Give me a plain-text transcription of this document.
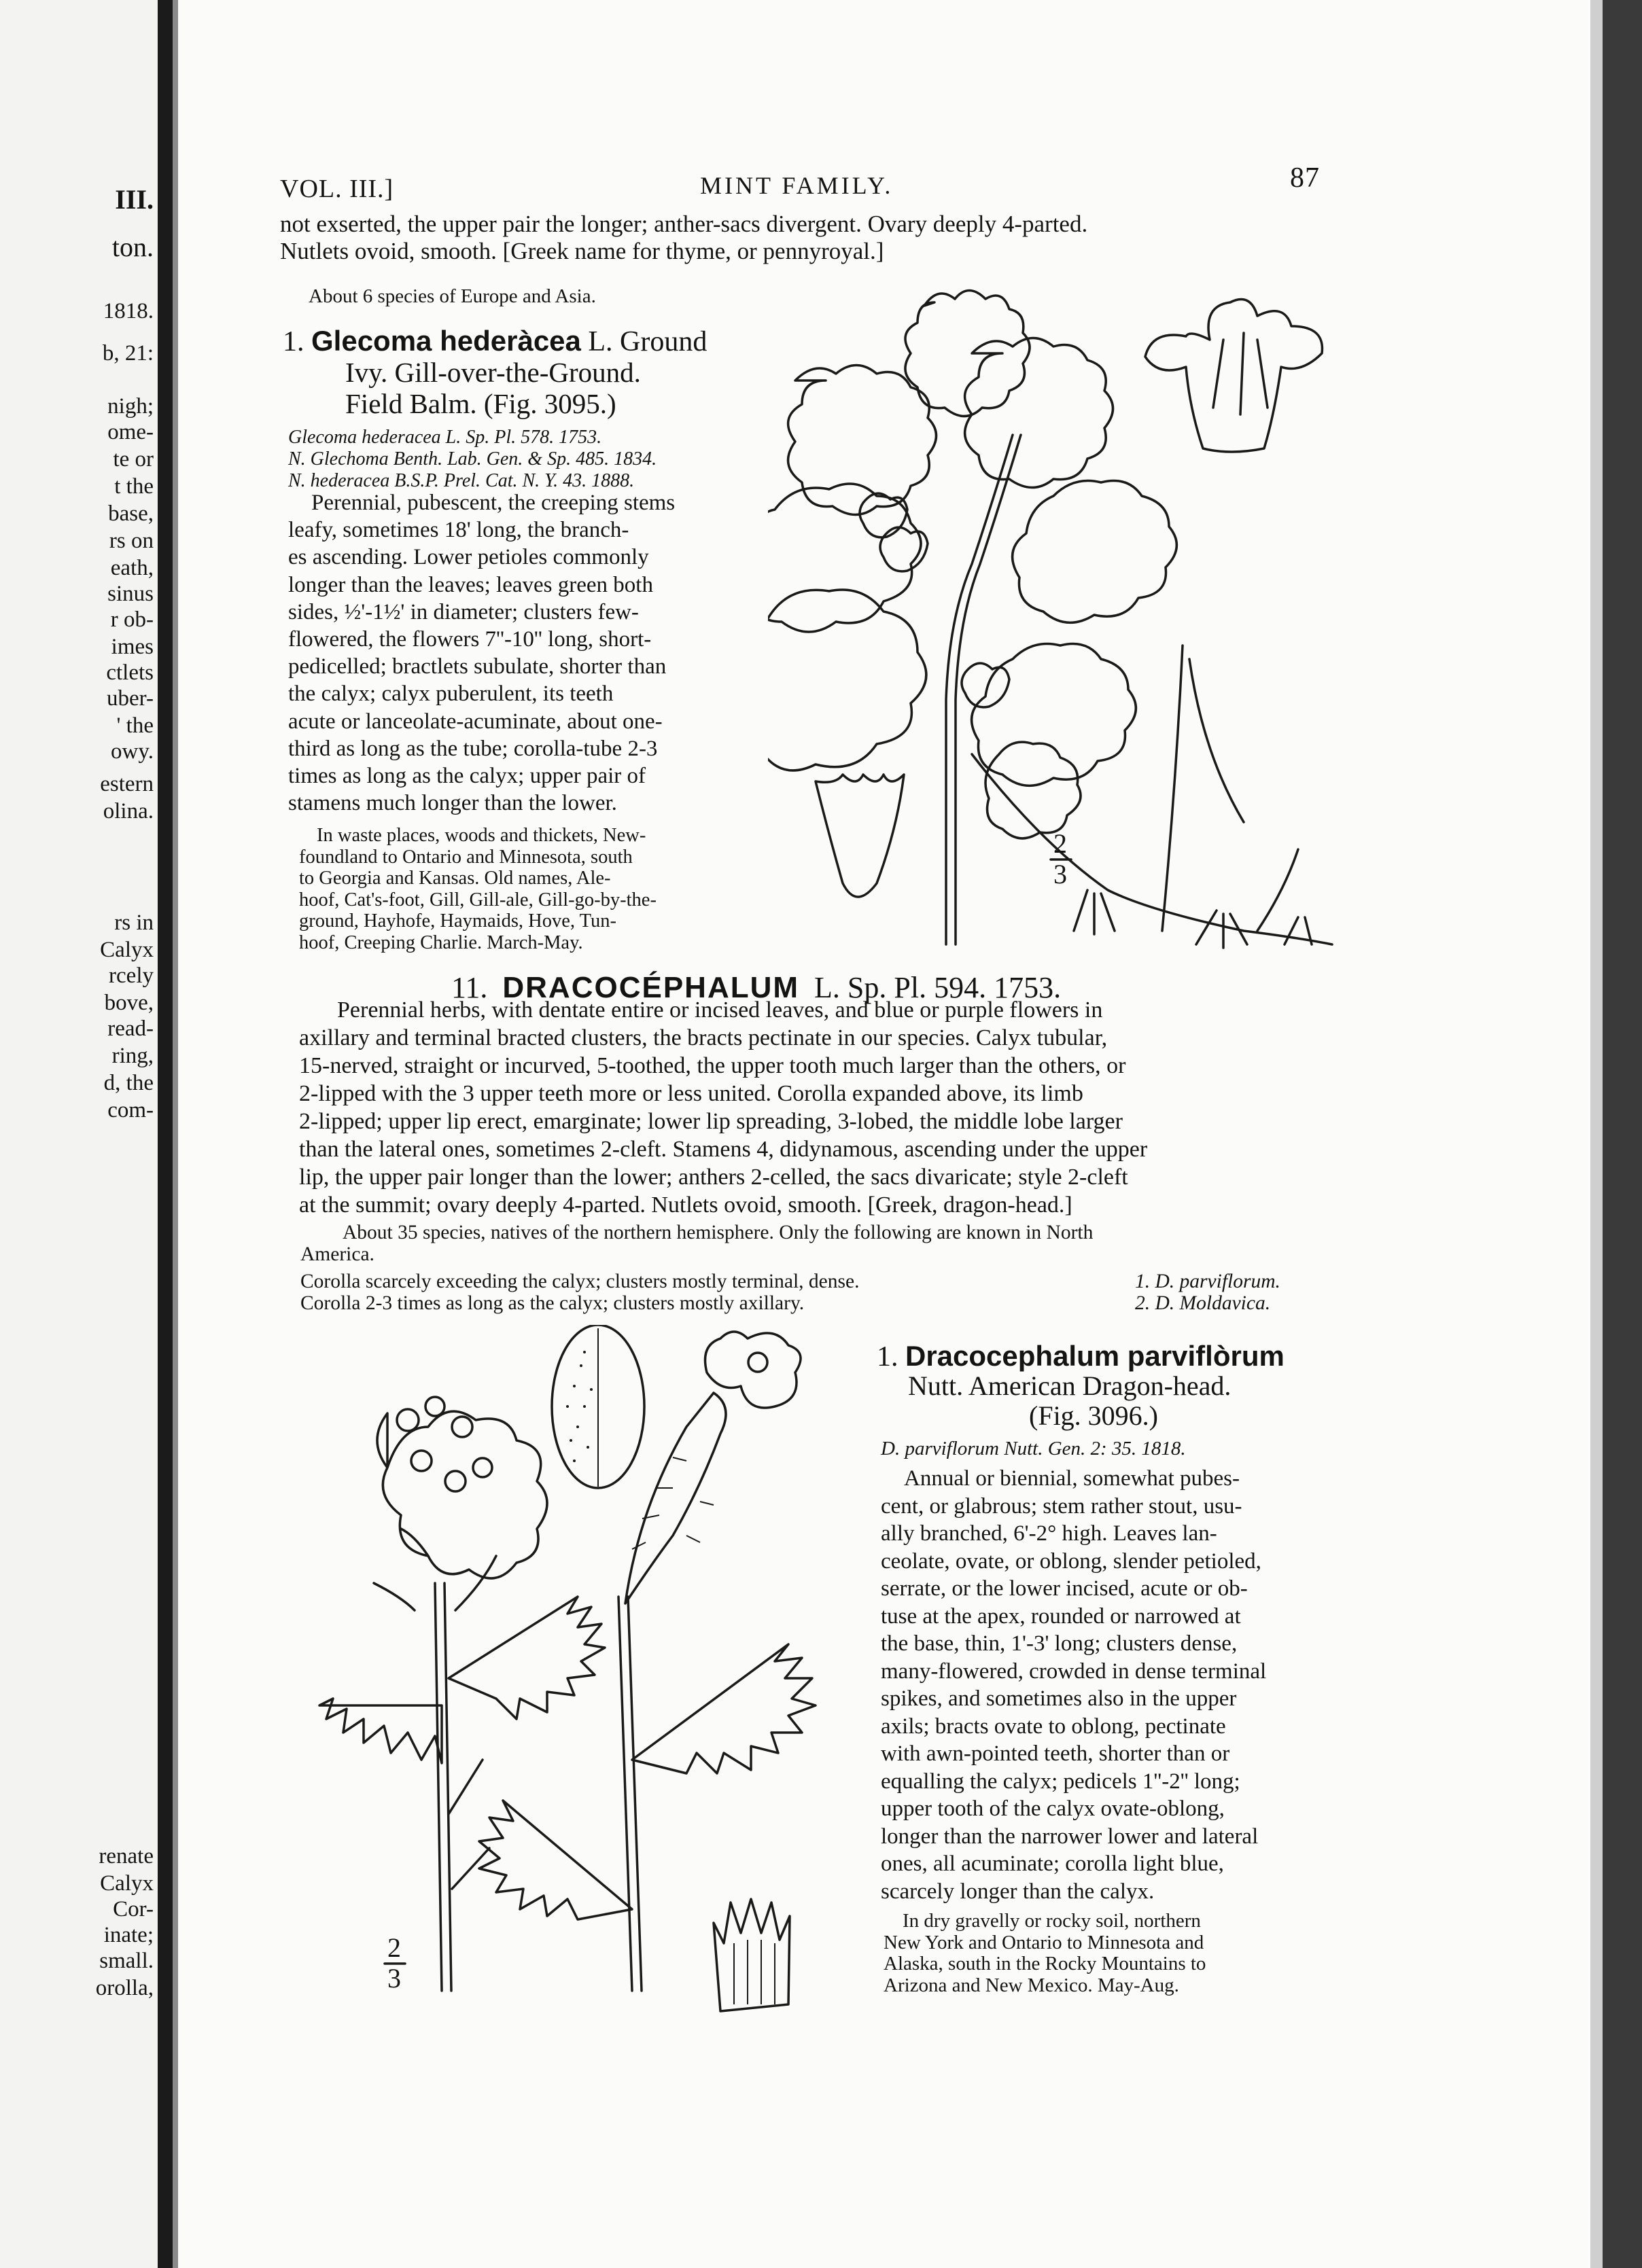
III.
ton.
1818.
b, 21:
nigh;
ome-
te or
t the
base,
rs on
eath,
sinus
r ob-
imes
ctlets
uber-
' the
owy.
estern
olina.
rs in
Calyx
rcely
bove,
read-
ring,
d, the
com-
renate
Calyx
Cor-
inate;
small.
orolla,
VOL. III.]	MINT FAMILY.	87
not exserted, the upper pair the longer; anther-sacs divergent. Ovary deeply 4-parted.
Nutlets ovoid, smooth. [Greek name for thyme, or pennyroyal.]
About 6 species of Europe and Asia.
1. Glecoma hederàcea L. Ground
Ivy. Gill-over-the-Ground.
Field Balm. (Fig. 3095.)
Glecoma hederacea L. Sp. Pl. 578. 1753.
N. Glechoma Benth. Lab. Gen. & Sp. 485. 1834.
N. hederacea B.S.P. Prel. Cat. N. Y. 43. 1888.
Perennial, pubescent, the creeping stems
leafy, sometimes 18' long, the branch-
es ascending. Lower petioles commonly
longer than the leaves; leaves green both
sides, ½'-1½' in diameter; clusters few-
flowered, the flowers 7''-10'' long, short-
pedicelled; bractlets subulate, shorter than
the calyx; calyx puberulent, its teeth
acute or lanceolate-acuminate, about one-
third as long as the tube; corolla-tube 2-3
times as long as the calyx; upper pair of
stamens much longer than the lower.
In waste places, woods and thickets, New-
foundland to Ontario and Minnesota, south
to Georgia and Kansas. Old names, Ale-
hoof, Cat's-foot, Gill, Gill-ale, Gill-go-by-the-
ground, Hayhofe, Haymaids, Hove, Tun-
hoof, Creeping Charlie. March-May.
2
3
11. DRACOCÉPHALUM L. Sp. Pl. 594. 1753.
Perennial herbs, with dentate entire or incised leaves, and blue or purple flowers in
axillary and terminal bracted clusters, the bracts pectinate in our species. Calyx tubular,
15-nerved, straight or incurved, 5-toothed, the upper tooth much larger than the others, or
2-lipped with the 3 upper teeth more or less united. Corolla expanded above, its limb
2-lipped; upper lip erect, emarginate; lower lip spreading, 3-lobed, the middle lobe larger
than the lateral ones, sometimes 2-cleft. Stamens 4, didynamous, ascending under the upper
lip, the upper pair longer than the lower; anthers 2-celled, the sacs divaricate; style 2-cleft
at the summit; ovary deeply 4-parted. Nutlets ovoid, smooth. [Greek, dragon-head.]
About 35 species, natives of the northern hemisphere. Only the following are known in North
America.
Corolla scarcely exceeding the calyx; clusters mostly terminal, dense.
Corolla 2-3 times as long as the calyx; clusters mostly axillary.
1. D. parviflorum.
2. D. Moldavica.
1. Dracocephalum parviflòrum
Nutt. American Dragon-head.
(Fig. 3096.)
D. parviflorum Nutt. Gen. 2: 35. 1818.
Annual or biennial, somewhat pubes-
cent, or glabrous; stem rather stout, usu-
ally branched, 6'-2° high. Leaves lan-
ceolate, ovate, or oblong, slender petioled,
serrate, or the lower incised, acute or ob-
tuse at the apex, rounded or narrowed at
the base, thin, 1'-3' long; clusters dense,
many-flowered, crowded in dense terminal
spikes, and sometimes also in the upper
axils; bracts ovate to oblong, pectinate
with awn-pointed teeth, shorter than or
equalling the calyx; pedicels 1''-2'' long;
upper tooth of the calyx ovate-oblong,
longer than the narrower lower and lateral
ones, all acuminate; corolla light blue,
scarcely longer than the calyx.
In dry gravelly or rocky soil, northern
New York and Ontario to Minnesota and
Alaska, south in the Rocky Mountains to
Arizona and New Mexico. May-Aug.
2
3
